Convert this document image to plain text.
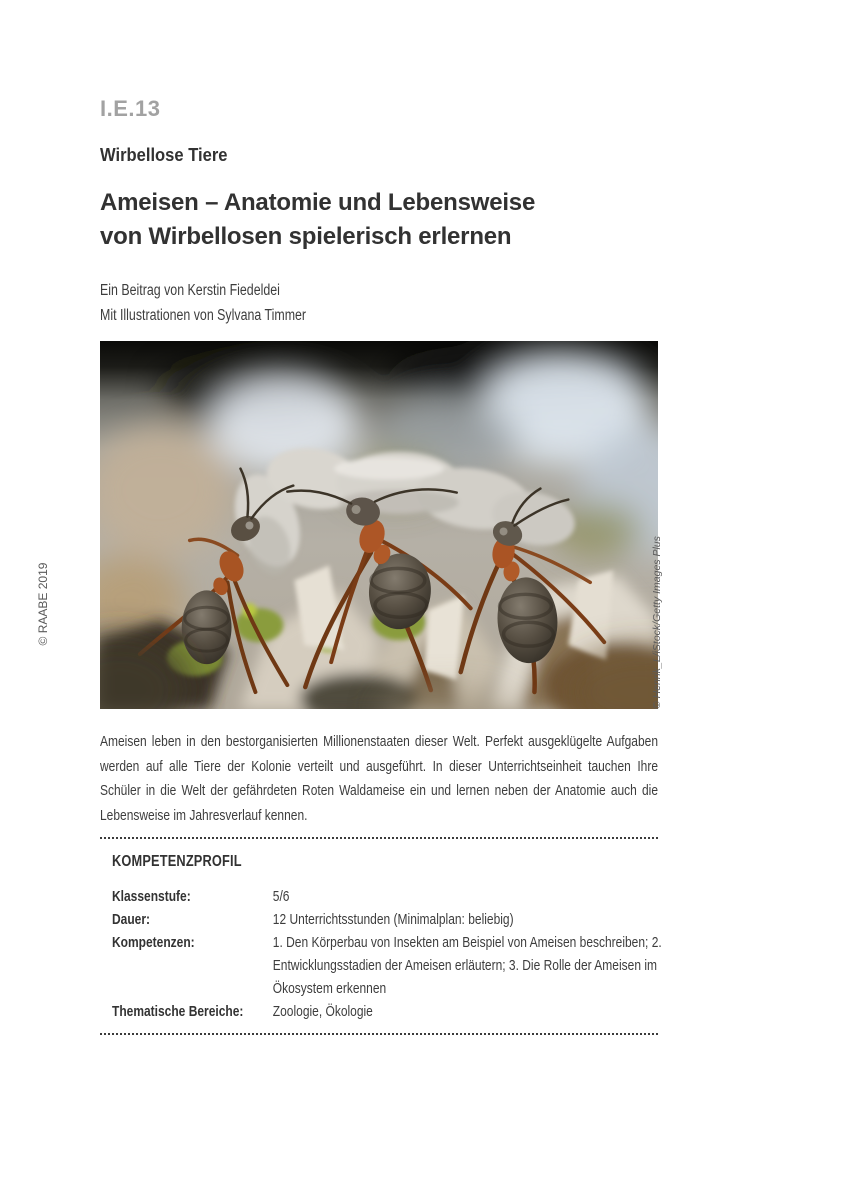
© RAABE 2019
I.E.13
Wirbellose Tiere
Ameisen – Anatomie und Lebensweise
von Wirbellosen spielerisch erlernen
Ein Beitrag von Kerstin Fiedeldei
Mit Illustrationen von Sylvana Timmer
© Henrik_L/iStock/Getty Images Plus
Ameisen leben in den bestorganisierten Millionenstaaten dieser Welt. Perfekt ausgeklügelte Aufgaben werden auf alle Tiere der Kolonie verteilt und ausgeführt. In dieser Unterrichtseinheit tauchen Ihre Schüler in die Welt der gefährdeten Roten Waldameise ein und lernen neben der Anatomie auch die Lebensweise im Jahresverlauf kennen.
KOMPETENZPROFIL
Klassenstufe:	5/6
Dauer:	12 Unterrichtsstunden (Minimalplan: beliebig)
Kompetenzen:	1. Den Körperbau von Insekten am Beispiel von Ameisen beschreiben; 2. Entwicklungsstadien der Ameisen erläutern; 3. Die Rolle der Ameisen im Ökosystem erkennen
Thematische Bereiche:	Zoologie, Ökologie
